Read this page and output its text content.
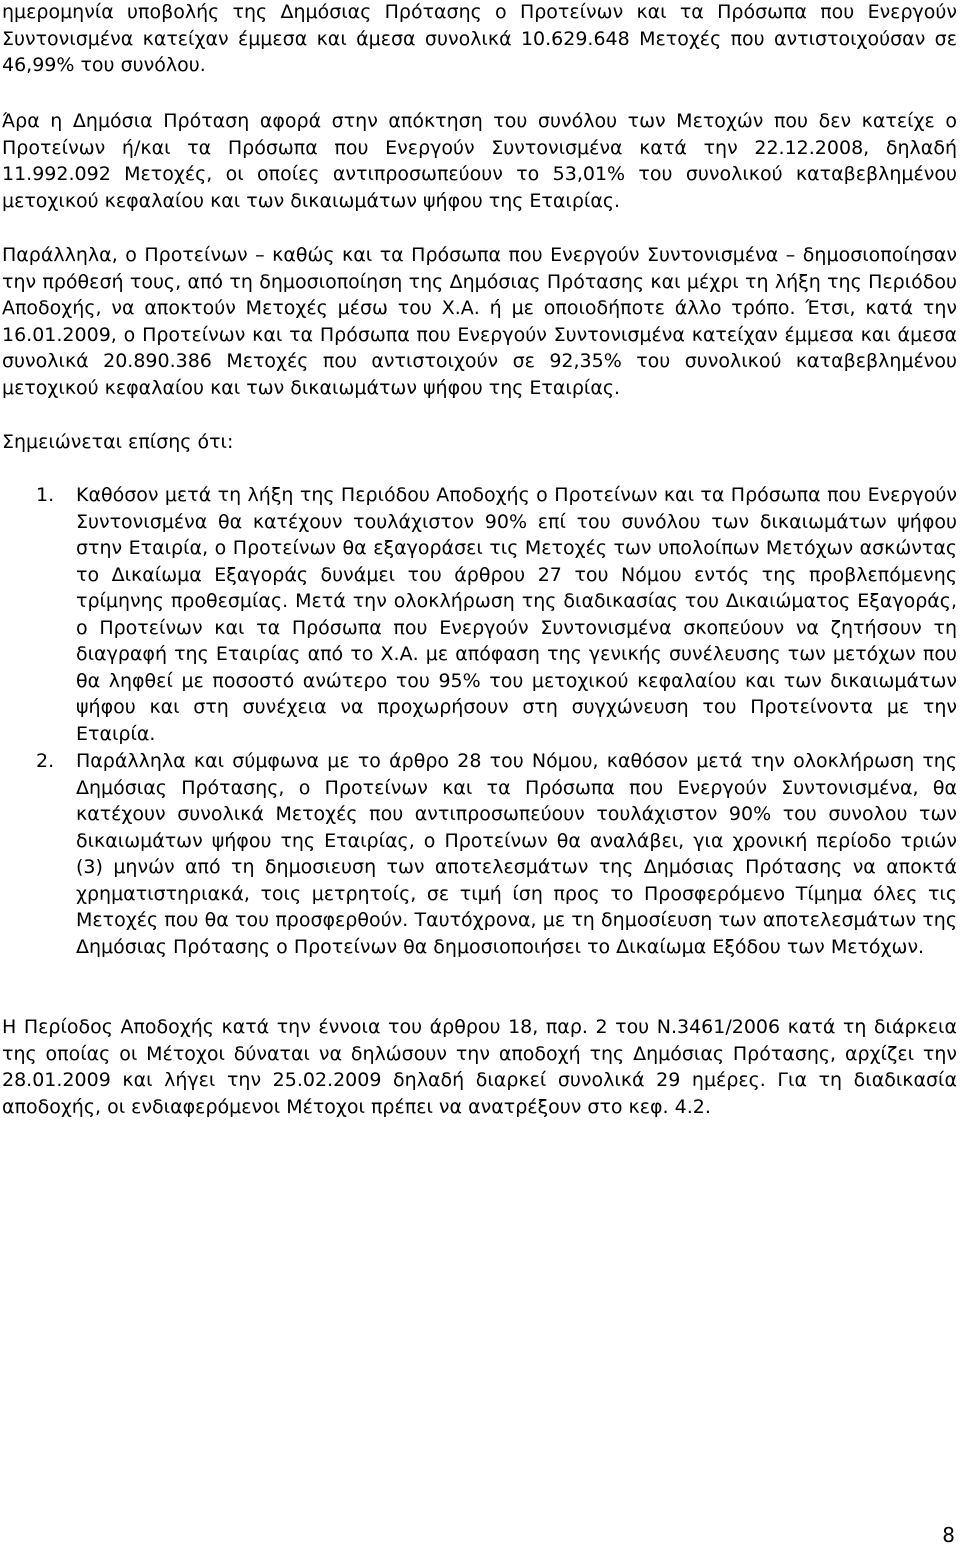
ημερομηνία υποβολής της Δημόσιας Πρότασης ο Προτείνων και τα Πρόσωπα που Ενεργούν Συντονισμένα κατείχαν έμμεσα και άμεσα συνολικά 10.629.648 Μετοχές που αντιστοιχούσαν σε 46,99% του συνόλου.

Άρα η Δημόσια Πρόταση αφορά στην απόκτηση του συνόλου των Μετοχών που δεν κατείχε ο Προτείνων ή/και τα Πρόσωπα που Ενεργούν Συντονισμένα κατά την 22.12.2008, δηλαδή 11.992.092 Μετοχές, οι οποίες αντιπροσωπεύουν το 53,01% του συνολικού καταβεβλημένου μετοχικού κεφαλαίου και των δικαιωμάτων ψήφου της Εταιρίας.

Παράλληλα, ο Προτείνων – καθώς και τα Πρόσωπα που Ενεργούν Συντονισμένα – δημοσιοποίησαν την πρόθεσή τους, από τη δημοσιοποίηση της Δημόσιας Πρότασης και μέχρι τη λήξη της Περιόδου Αποδοχής, να αποκτούν Μετοχές μέσω του Χ.Α. ή με οποιοδήποτε άλλο τρόπο. Έτσι, κατά την 16.01.2009, ο Προτείνων και τα Πρόσωπα που Ενεργούν Συντονισμένα κατείχαν έμμεσα και άμεσα συνολικά 20.890.386 Μετοχές που αντιστοιχούν σε 92,35% του συνολικού καταβεβλημένου μετοχικού κεφαλαίου και των δικαιωμάτων ψήφου της Εταιρίας.

Σημειώνεται επίσης ότι:

1.	Καθόσον μετά τη λήξη της Περιόδου Αποδοχής ο Προτείνων και τα Πρόσωπα που Ενεργούν Συντονισμένα θα κατέχουν τουλάχιστον 90% επί του συνόλου των δικαιωμάτων ψήφου στην Εταιρία, ο Προτείνων θα εξαγοράσει τις Μετοχές των υπολοίπων Μετόχων ασκώντας το Δικαίωμα Εξαγοράς δυνάμει του άρθρου 27 του Νόμου εντός της προβλεπόμενης τρίμηνης προθεσμίας. Μετά την ολοκλήρωση της διαδικασίας του Δικαιώματος Εξαγοράς, ο Προτείνων και τα Πρόσωπα που Ενεργούν Συντονισμένα σκοπεύουν να ζητήσουν τη διαγραφή της Εταιρίας από το Χ.Α. με απόφαση της γενικής συνέλευσης των μετόχων που θα ληφθεί με ποσοστό ανώτερο του 95% του μετοχικού κεφαλαίου και των δικαιωμάτων ψήφου και στη συνέχεια να προχωρήσουν στη συγχώνευση του Προτείνοντα με την Εταιρία.

2.	Παράλληλα και σύμφωνα με το άρθρο 28 του Νόμου, καθόσον μετά την ολοκλήρωση της Δημόσιας Πρότασης, ο Προτείνων και τα Πρόσωπα που Ενεργούν Συντονισμένα, θα κατέχουν συνολικά Μετοχές που αντιπροσωπεύουν τουλάχιστον 90% του συνολου των δικαιωμάτων ψήφου της Εταιρίας, ο Προτείνων θα αναλάβει, για χρονική περίοδο τριών (3) μηνών από τη δημοσιευση των αποτελεσμάτων της Δημόσιας Πρότασης να αποκτά χρηματιστηριακά, τοις μετρητοίς, σε τιμή ίση προς το Προσφερόμενο Τίμημα όλες τις Μετοχές που θα του προσφερθούν. Ταυτόχρονα, με τη δημοσίευση των αποτελεσμάτων της Δημόσιας Πρότασης ο Προτείνων θα δημοσιοποιήσει το Δικαίωμα Εξόδου των Μετόχων.

Η Περίοδος Αποδοχής κατά την έννοια του άρθρου 18, παρ. 2 του Ν.3461/2006 κατά τη διάρκεια της οποίας οι Μέτοχοι δύναται να δηλώσουν την αποδοχή της Δημόσιας Πρότασης, αρχίζει την 28.01.2009 και λήγει την 25.02.2009 δηλαδή διαρκεί συνολικά 29 ημέρες. Για τη διαδικασία αποδοχής, οι ενδιαφερόμενοι Μέτοχοι πρέπει να ανατρέξουν στο κεφ. 4.2.

8
